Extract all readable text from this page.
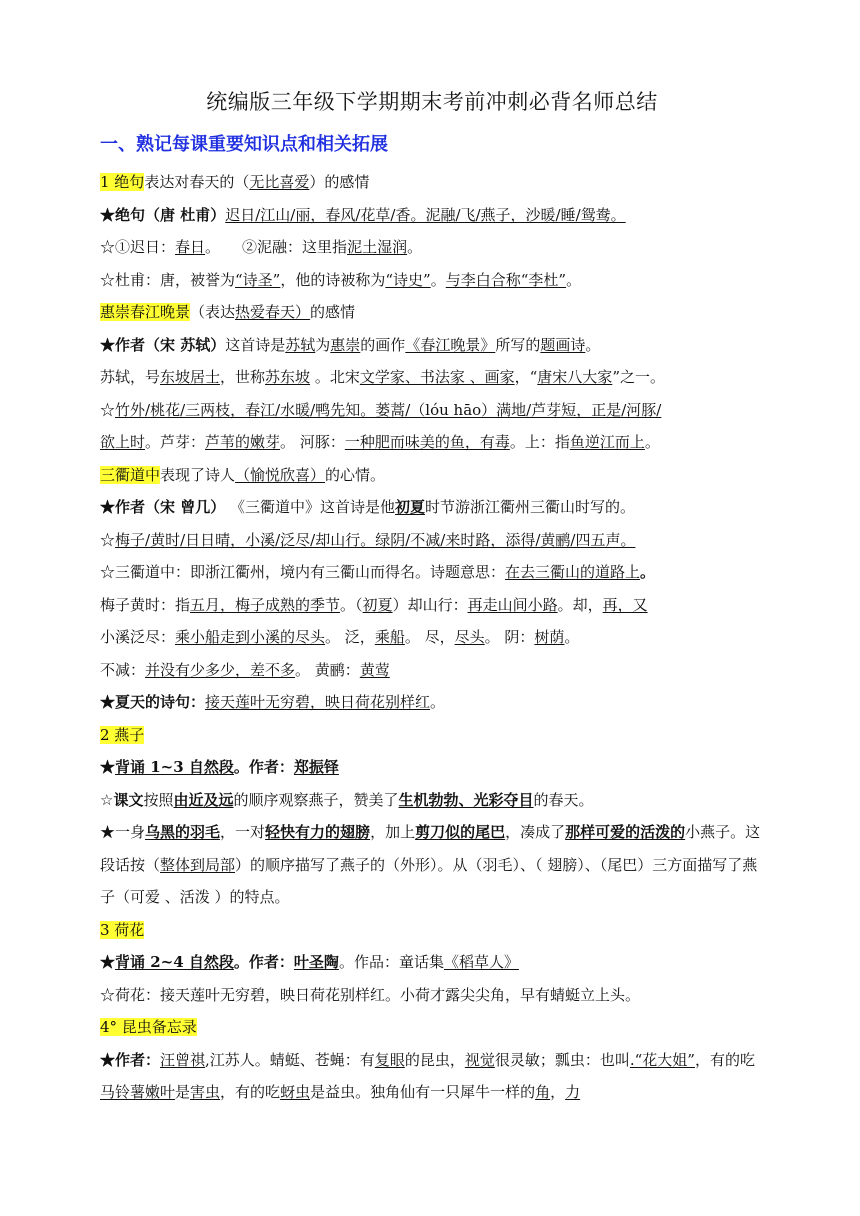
统编版三年级下学期期末考前冲刺必背名师总结
一、熟记每课重要知识点和相关拓展
1 绝句表达对春天的（无比喜爱）的感情
★绝句（唐 杜甫）迟日/江山/丽，春风/花草/香。泥融/飞/燕子，沙暖/睡/鸳鸯。
☆①迟日：春日。 ②泥融：这里指泥土湿润。
☆杜甫：唐，被誉为“诗圣”，他的诗被称为“诗史”。与李白合称“李杜”。
惠崇春江晚景（表达热爱春天）的感情
★作者（宋 苏轼）这首诗是苏轼为惠崇的画作《春江晚景》所写的题画诗。
苏轼，号东坡居士，世称苏东坡 。北宋文学家、书法家 、画家，“唐宋八大家”之一。
☆竹外/桃花/三两枝，春江/水暖/鸭先知。蒌蒿/（lóu hāo）满地/芦芽短，正是/河豚/
欲上时。芦芽：芦苇的嫩芽。 河豚：一种肥而味美的鱼，有毒。上：指鱼逆江而上。
三衢道中表现了诗人（愉悦欣喜）的心情。
★作者（宋 曾几） 《三衢道中》这首诗是他初夏时节游浙江衢州三衢山时写的。
☆梅子/黄时/日日晴，小溪/泛尽/却山行。绿阴/不减/来时路，添得/黄鹂/四五声。
☆三衢道中：即浙江衢州，境内有三衢山而得名。诗题意思：在去三衢山的道路上。
梅子黄时：指五月，梅子成熟的季节。（初夏）却山行：再走山间小路。却，再，又
小溪泛尽：乘小船走到小溪的尽头。 泛，乘船。 尽，尽头。 阴：树荫。
不减：并没有少多少，差不多。 黄鹂：黄莺
★夏天的诗句：接天莲叶无穷碧，映日荷花别样红。
2 燕子
★背诵 1~3 自然段。作者：郑振铎
☆课文按照由近及远的顺序观察燕子，赞美了生机勃勃、光彩夺目的春天。
★一身乌黑的羽毛，一对轻快有力的翅膀，加上剪刀似的尾巴，凑成了那样可爱的活泼的小燕子。这段话按（整体到局部）的顺序描写了燕子的（外形）。从（羽毛）、（ 翅膀）、（尾巴）三方面描写了燕子（可爱 、活泼 ）的特点。
3 荷花
★背诵 2~4 自然段。作者：叶圣陶。作品：童话集《稻草人》
☆荷花：接天莲叶无穷碧，映日荷花别样红。小荷才露尖尖角，早有蜻蜓立上头。
4° 昆虫备忘录
★作者：汪曾祺,江苏人。蜻蜓、苍蝇：有复眼的昆虫，视觉很灵敏；瓢虫：也叫.“花大姐”，有的吃马铃薯嫩叶是害虫，有的吃蚜虫是益虫。独角仙有一只犀牛一样的角，力
